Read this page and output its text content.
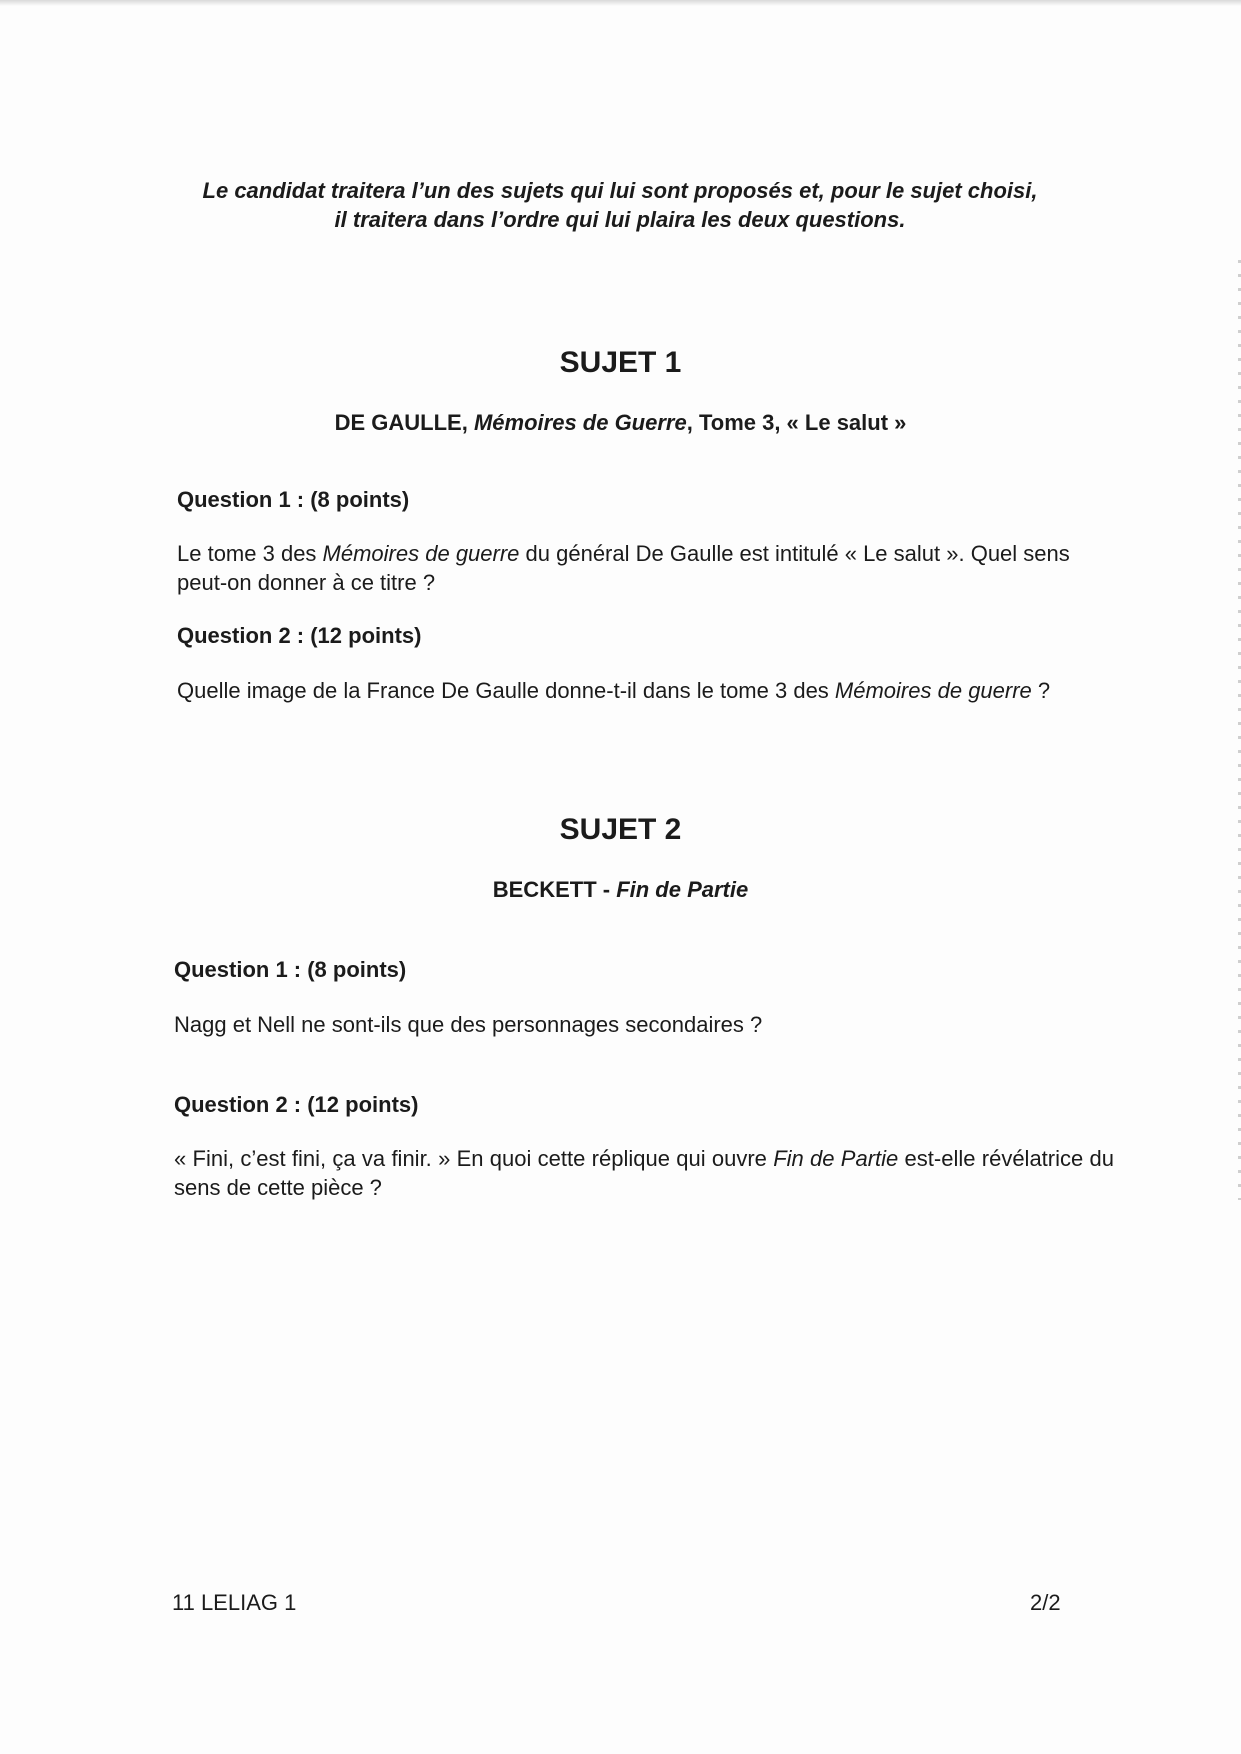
Le candidat traitera l’un des sujets qui lui sont proposés et, pour le sujet choisi,
il traitera dans l’ordre qui lui plaira les deux questions.
SUJET 1
DE GAULLE, Mémoires de Guerre, Tome 3, « Le salut »
Question 1 : (8 points)
Le tome 3 des Mémoires de guerre du général De Gaulle est intitulé « Le salut ». Quel sens peut-on donner à ce titre ?
Question 2 : (12 points)
Quelle image de la France De Gaulle donne-t-il dans le tome 3 des Mémoires de guerre ?
SUJET 2
BECKETT - Fin de Partie
Question 1 : (8 points)
Nagg et Nell ne sont-ils que des personnages secondaires ?
Question 2 : (12 points)
« Fini, c’est fini, ça va finir. » En quoi cette réplique qui ouvre Fin de Partie est-elle révélatrice du sens de cette pièce ?
11 LELIAG 1	2/2
